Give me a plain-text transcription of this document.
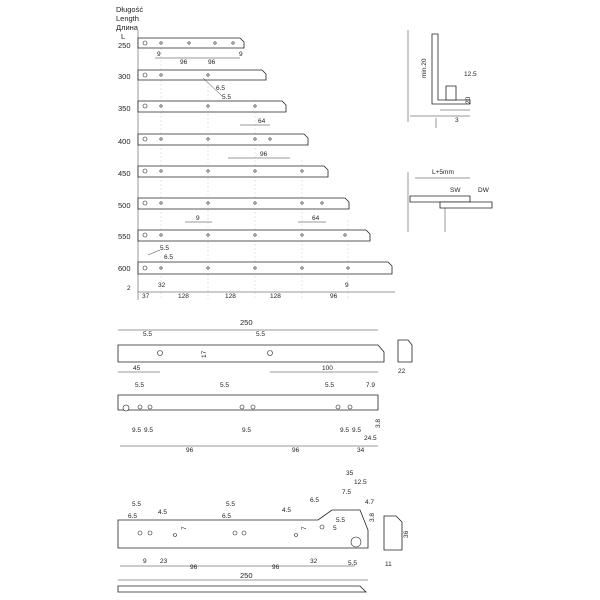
Długość
Length
Длина
L
250
9
96	96
9
300
6.5
5.5
350
64
400
96
450
500
9	64
550
600
5.5
6.5
2
37
32
128	128	128	96
9
min.20	12.5
20
3
L+5mm
SW	DW
250
5.5	5.5
17
45	100	22
5.5	5.5	5.5	7.9
3.8
9.5 9.5	9.5	9.5 9.5
24.5
96	96	34
5.5
6.5
4.5
7
5.5
6.5
4.5
7
6.5
5.5
5
35
12.5
7.5
4.7
3.8
9 23
96	96
32	5.5
250
36
11
